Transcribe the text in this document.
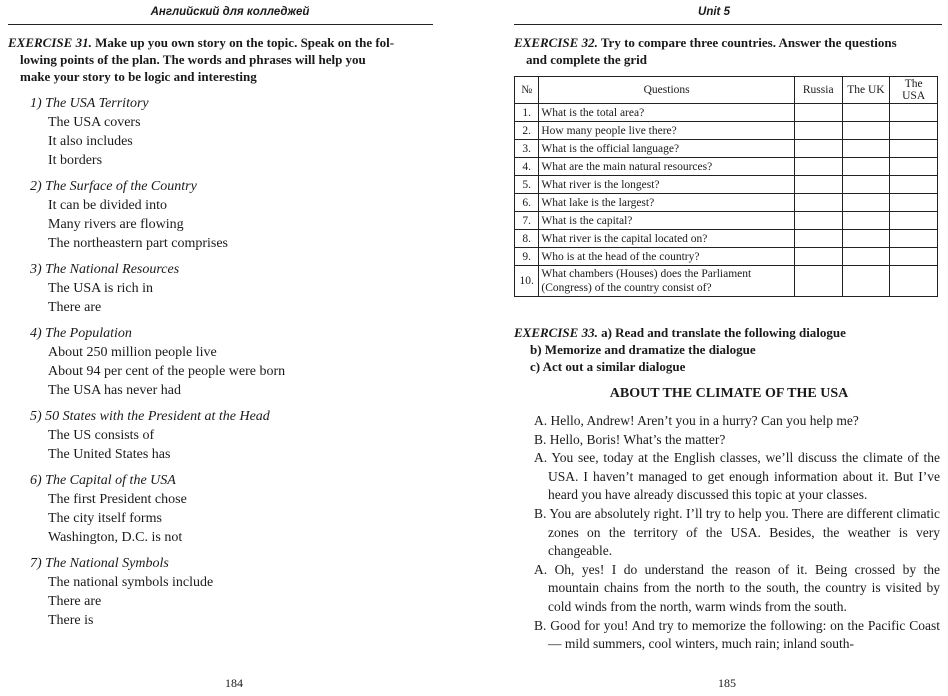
Английский для колледжей
EXERCISE 31. Make up you own story on the topic. Speak on the fol-
lowing points of the plan. The words and phrases will help you
make your story to be logic and interesting
1) The USA Territory
The USA covers
It also includes
It borders
2) The Surface of the Country
It can be divided into
Many rivers are flowing
The northeastern part comprises
3) The National Resources
The USA is rich in
There are
4) The Population
About 250 million people live
About 94 per cent of the people were born
The USA has never had
5) 50 States with the President at the Head
The US consists of
The United States has
6) The Capital of the USA
The first President chose
The city itself forms
Washington, D.C. is not
7) The National Symbols
The national symbols include
There are
There is
184
Unit 5
EXERCISE 32. Try to compare three countries. Answer the questions
and complete the grid
№	Questions	Russia	The UK	The USA
1.	What is the total area?			
2.	How many people live there?			
3.	What is the official language?			
4.	What are the main natural resources?			
5.	What river is the longest?			
6.	What lake is the largest?			
7.	What is the capital?			
8.	What river is the capital located on?			
9.	Who is at the head of the country?			
10.	What chambers (Houses) does the Parliament (Congress) of the country consist of?			
EXERCISE 33. a) Read and translate the following dialogue
b) Memorize and dramatize the dialogue
c) Act out a similar dialogue
ABOUT THE CLIMATE OF THE USA
A. Hello, Andrew! Aren’t you in a hurry? Can you help me?
B. Hello, Boris! What’s the matter?
A. You see, today at the English classes, we’ll discuss the climate of the USA. I haven’t managed to get enough information about it. But I’ve heard you have already discussed this topic at your classes.
B. You are absolutely right. I’ll try to help you. There are different climatic zones on the territory of the USA. Besides, the weather is very changeable.
A. Oh, yes! I do understand the reason of it. Being crossed by the mountain chains from the north to the south, the country is visited by cold winds from the north, warm winds from the south.
B. Good for you! And try to memorize the following: on the Pacific Coast — mild summers, cool winters, much rain; inland south-
185
